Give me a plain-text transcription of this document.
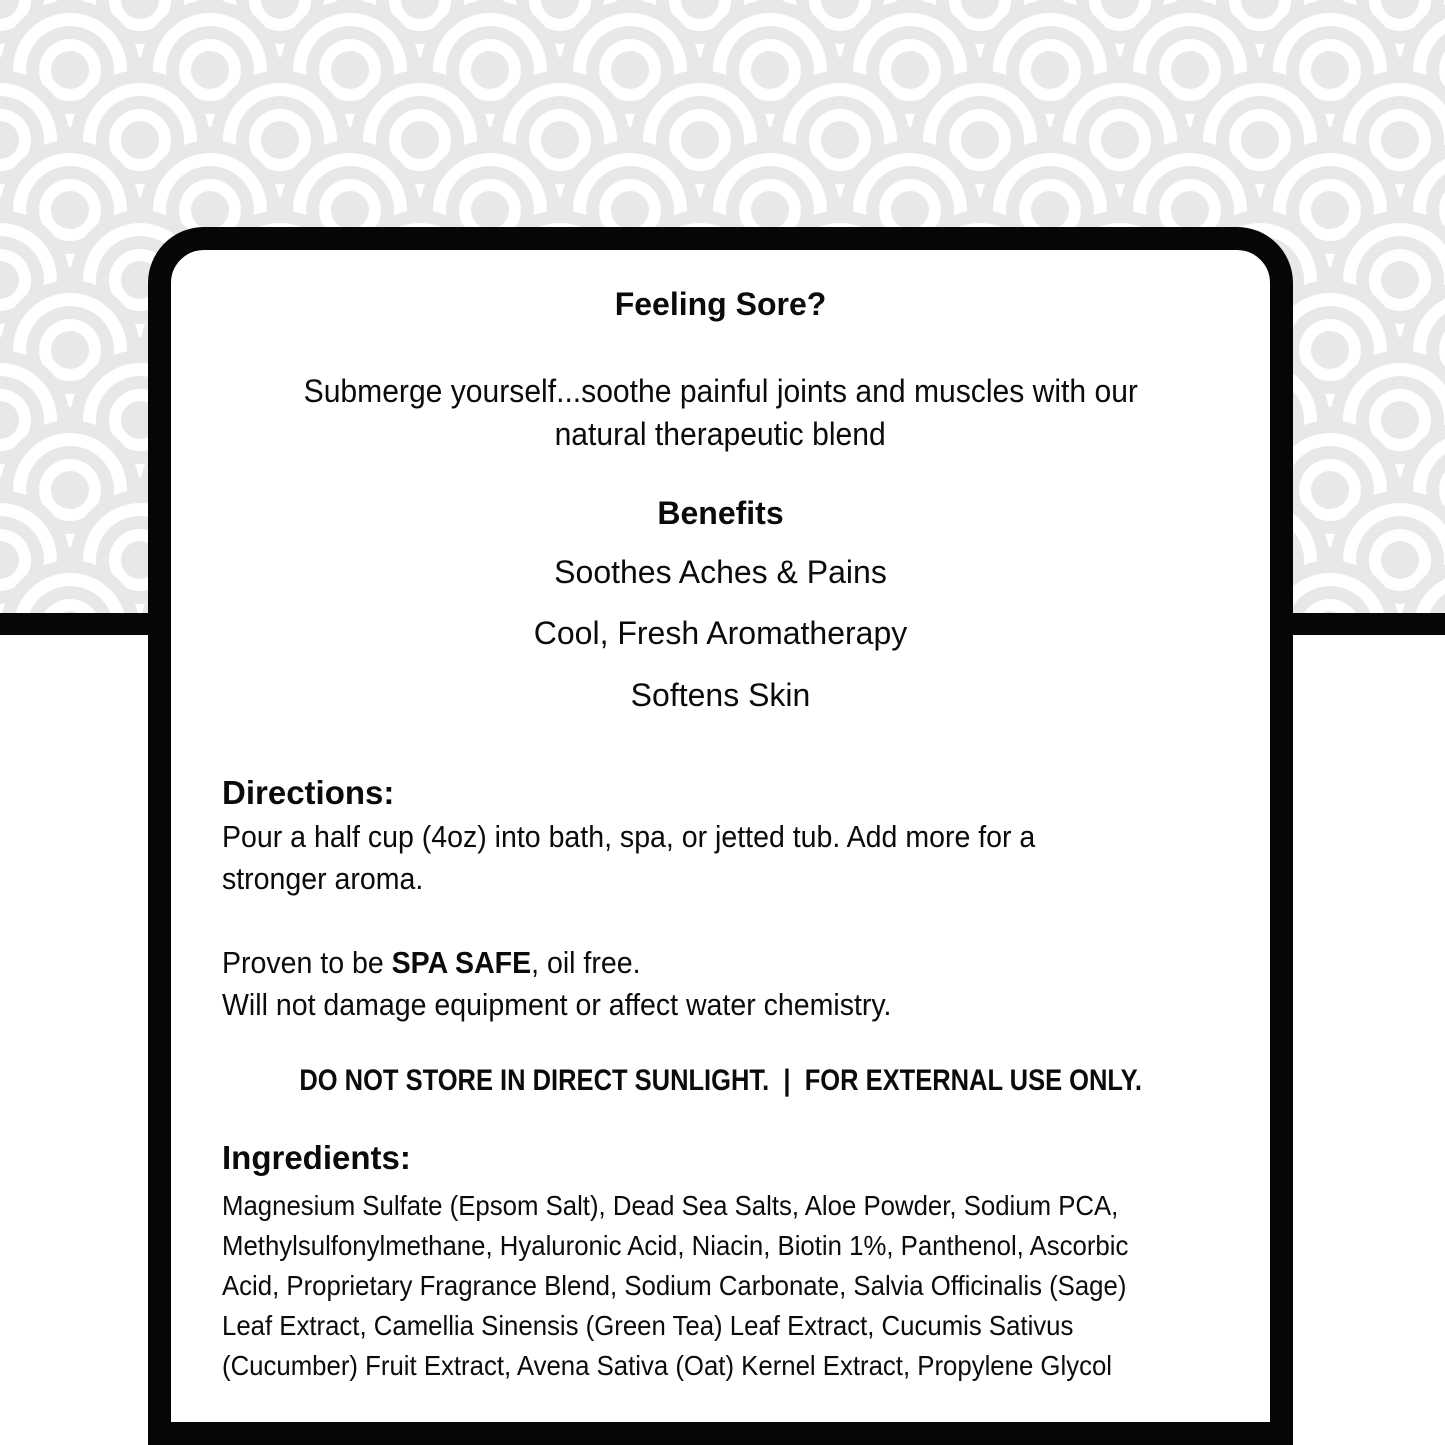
Feeling Sore?
Submerge yourself...soothe painful joints and muscles with our
natural therapeutic blend
Benefits
Soothes Aches & Pains
Cool, Fresh Aromatherapy
Softens Skin
Directions:
Pour a half cup (4oz) into bath, spa, or jetted tub. Add more for a
stronger aroma.
Proven to be SPA SAFE, oil free.
Will not damage equipment or affect water chemistry.
DO NOT STORE IN DIRECT SUNLIGHT.  |  FOR EXTERNAL USE ONLY.
Ingredients:
Magnesium Sulfate (Epsom Salt), Dead Sea Salts, Aloe Powder, Sodium PCA,
Methylsulfonylmethane, Hyaluronic Acid, Niacin, Biotin 1%, Panthenol, Ascorbic
Acid, Proprietary Fragrance Blend, Sodium Carbonate, Salvia Officinalis (Sage)
Leaf Extract, Camellia Sinensis (Green Tea) Leaf Extract, Cucumis Sativus
(Cucumber) Fruit Extract, Avena Sativa (Oat) Kernel Extract, Propylene Glycol
